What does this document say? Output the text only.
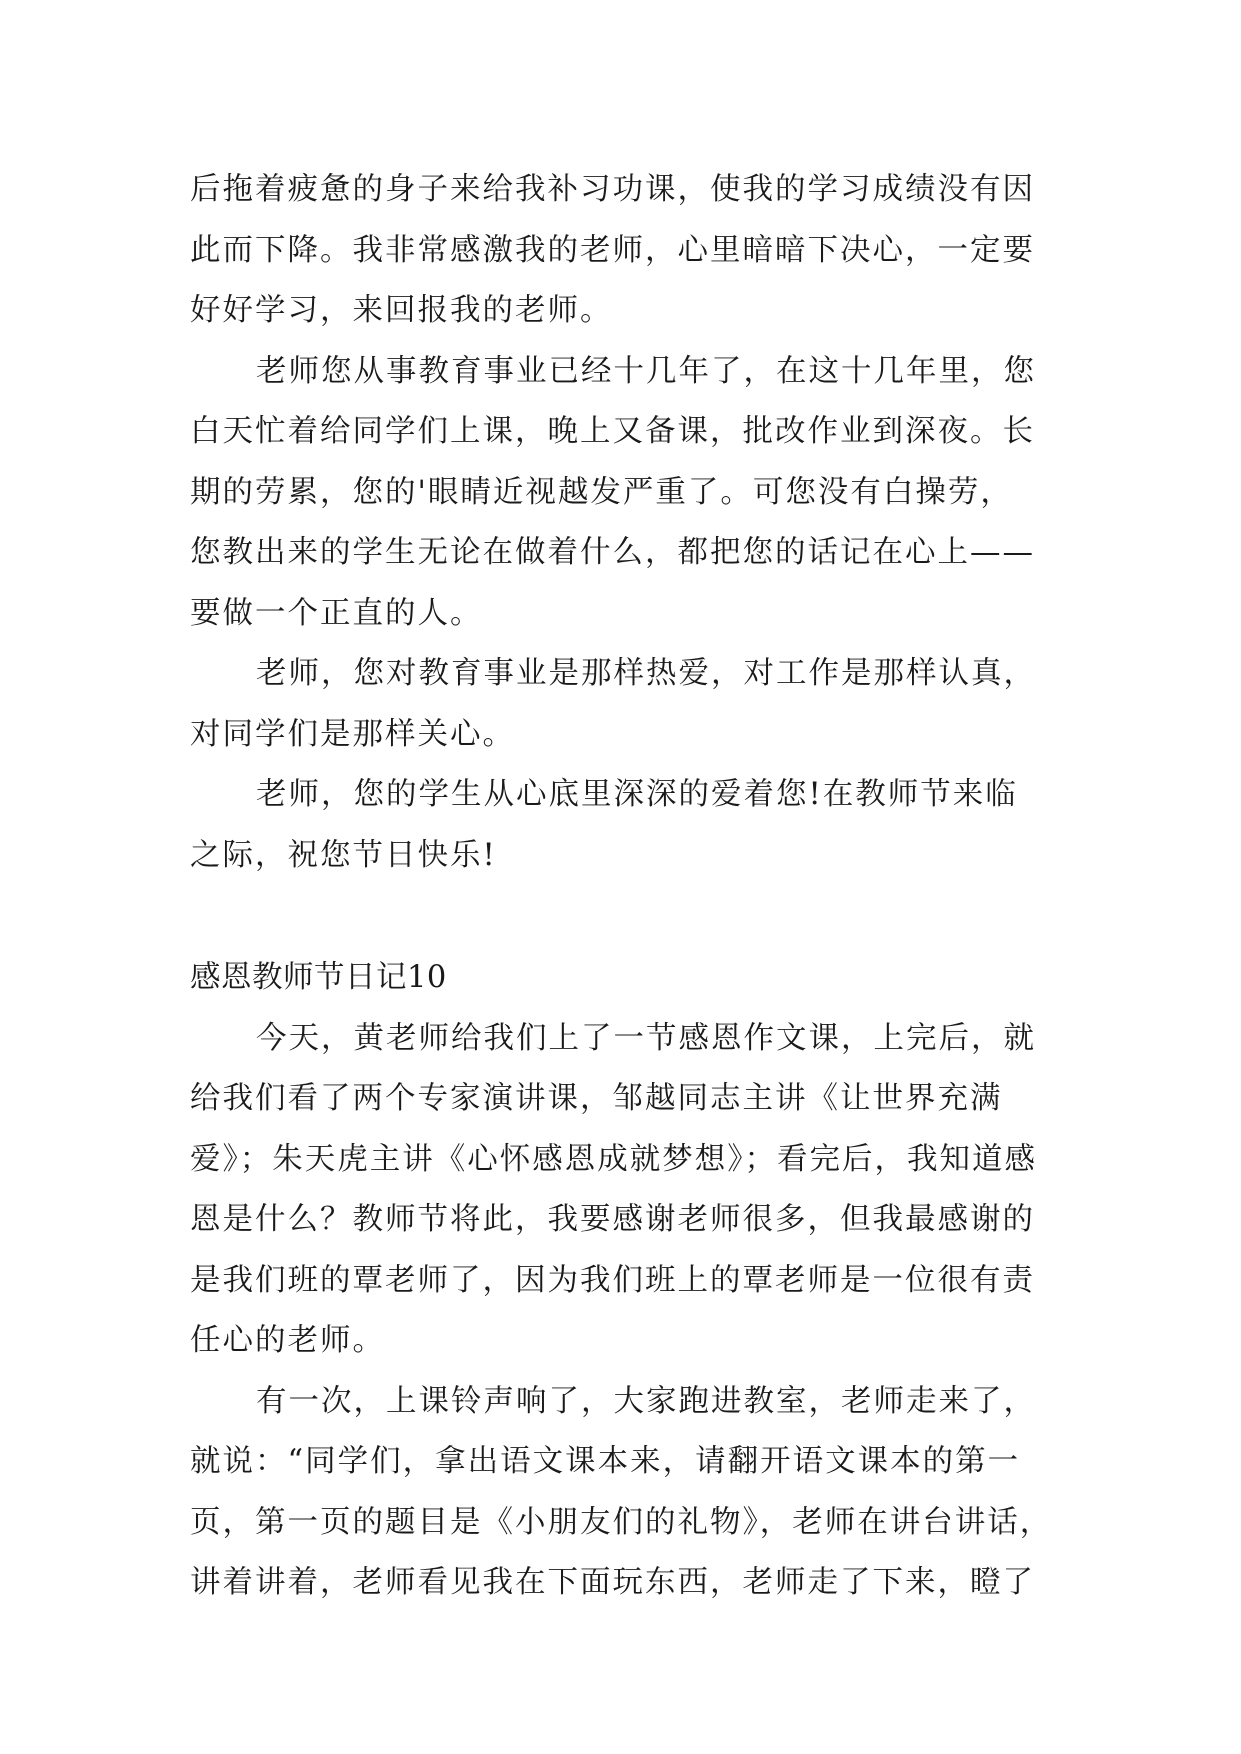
后拖着疲惫的身子来给我补习功课，使我的学习成绩没有因
此而下降。我非常感激我的老师，心里暗暗下决心，一定要
好好学习，来回报我的老师。
老师您从事教育事业已经十几年了，在这十几年里，您
白天忙着给同学们上课，晚上又备课，批改作业到深夜。长
期的劳累，您的'眼睛近视越发严重了。可您没有白操劳，
您教出来的学生无论在做着什么，都把您的话记在心上——
要做一个正直的人。
老师，您对教育事业是那样热爱，对工作是那样认真，
对同学们是那样关心。
老师，您的学生从心底里深深的爱着您!在教师节来临
之际，祝您节日快乐!
感恩教师节日记10
今天，黄老师给我们上了一节感恩作文课，上完后，就
给我们看了两个专家演讲课，邹越同志主讲《让世界充满
爱》；朱天虎主讲《心怀感恩成就梦想》；看完后，我知道感
恩是什么？教师节将此，我要感谢老师很多，但我最感谢的
是我们班的覃老师了，因为我们班上的覃老师是一位很有责
任心的老师。
有一次，上课铃声响了，大家跑进教室，老师走来了，
就说：“同学们，拿出语文课本来，请翻开语文课本的第一
页，第一页的题目是《小朋友们的礼物》，老师在讲台讲话，
讲着讲着，老师看见我在下面玩东西，老师走了下来，瞪了
